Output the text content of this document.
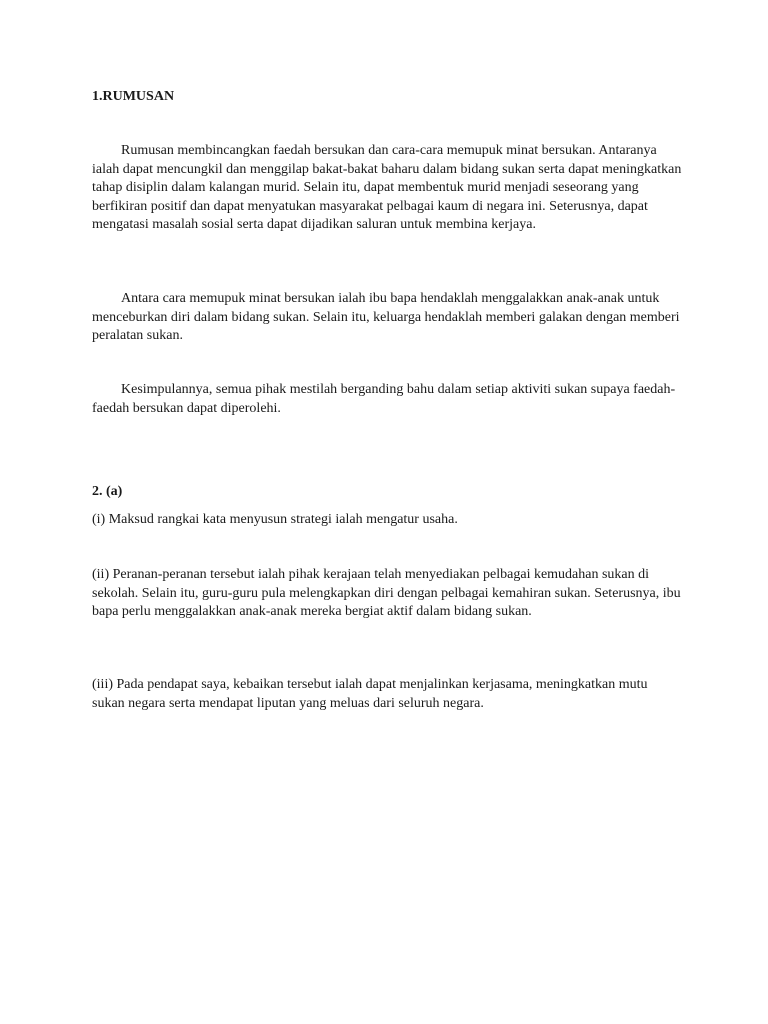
1.RUMUSAN

Rumusan membincangkan faedah bersukan dan cara-cara memupuk minat bersukan. Antaranya ialah dapat mencungkil dan menggilap bakat-bakat baharu dalam bidang sukan serta dapat meningkatkan tahap disiplin dalam kalangan murid. Selain itu, dapat membentuk murid menjadi seseorang yang berfikiran positif dan dapat menyatukan masyarakat pelbagai kaum di negara ini. Seterusnya, dapat mengatasi masalah sosial serta dapat dijadikan saluran untuk membina kerjaya.

Antara cara memupuk minat bersukan ialah ibu bapa hendaklah menggalakkan anak-anak untuk menceburkan diri dalam bidang sukan. Selain itu, keluarga hendaklah memberi galakan dengan memberi peralatan sukan.

Kesimpulannya, semua pihak mestilah berganding bahu dalam setiap aktiviti sukan supaya faedah-faedah bersukan dapat diperolehi.

2. (a)

(i) Maksud rangkai kata menyusun strategi ialah mengatur usaha.

(ii) Peranan-peranan tersebut ialah pihak kerajaan telah menyediakan pelbagai kemudahan sukan di sekolah. Selain itu, guru-guru pula melengkapkan diri dengan pelbagai kemahiran sukan. Seterusnya, ibu bapa perlu menggalakkan anak-anak mereka bergiat aktif dalam bidang sukan.

(iii) Pada pendapat saya, kebaikan tersebut ialah dapat menjalinkan kerjasama, meningkatkan mutu sukan negara serta mendapat liputan yang meluas dari seluruh negara.
